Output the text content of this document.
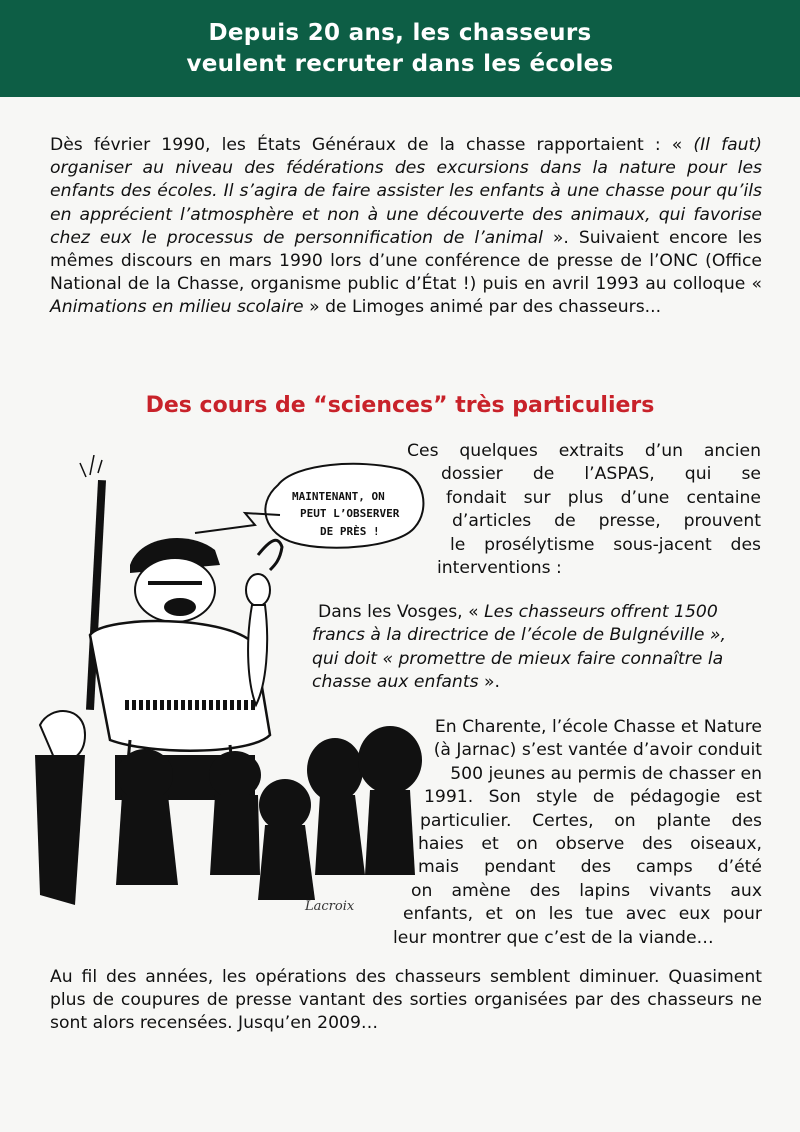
Depuis 20 ans, les chasseurs
veulent recruter dans les écoles

Dès février 1990, les États Généraux de la chasse rapportaient : « (Il faut) organiser au niveau des fédérations des excursions dans la nature pour les enfants des écoles. Il s’agira de faire assister les enfants à une chasse pour qu’ils en apprécient l’atmosphère et non à une découverte des animaux, qui favorise chez eux le processus de personnification de l’animal ». Suivaient encore les mêmes discours en mars 1990 lors d’une conférence de presse de l’ONC (Office National de la Chasse, organisme public d’État !) puis en avril 1993 au colloque « Animations en milieu scolaire » de Limoges animé par des chasseurs...

Des cours de “sciences” très particuliers
MAINTENANT, ON
PEUT L’OBSERVER
DE PRÈS !
Lacroix
Ces quelques extraits d’un ancien
dossier de l’ASPAS, qui se
fondait sur plus d’une centaine
d’articles de presse, prouvent
le prosélytisme sous-jacent des
interventions :
Dans les Vosges, « Les chasseurs offrent 1500
francs à la directrice de l’école de Bulgnéville »,
qui doit « promettre de mieux faire connaître la
chasse aux enfants ».
En Charente, l’école Chasse et Nature
(à Jarnac) s’est vantée d’avoir conduit
500 jeunes au permis de chasser en
1991. Son style de pédagogie est
particulier. Certes, on plante des
haies et on observe des oiseaux,
mais pendant des camps d’été
on amène des lapins vivants aux
enfants, et on les tue avec eux pour
leur montrer que c’est de la viande…
Au fil des années, les opérations des chasseurs semblent diminuer. Quasiment plus de coupures de presse vantant des sorties organisées par des chasseurs ne sont alors recensées. Jusqu’en 2009…
